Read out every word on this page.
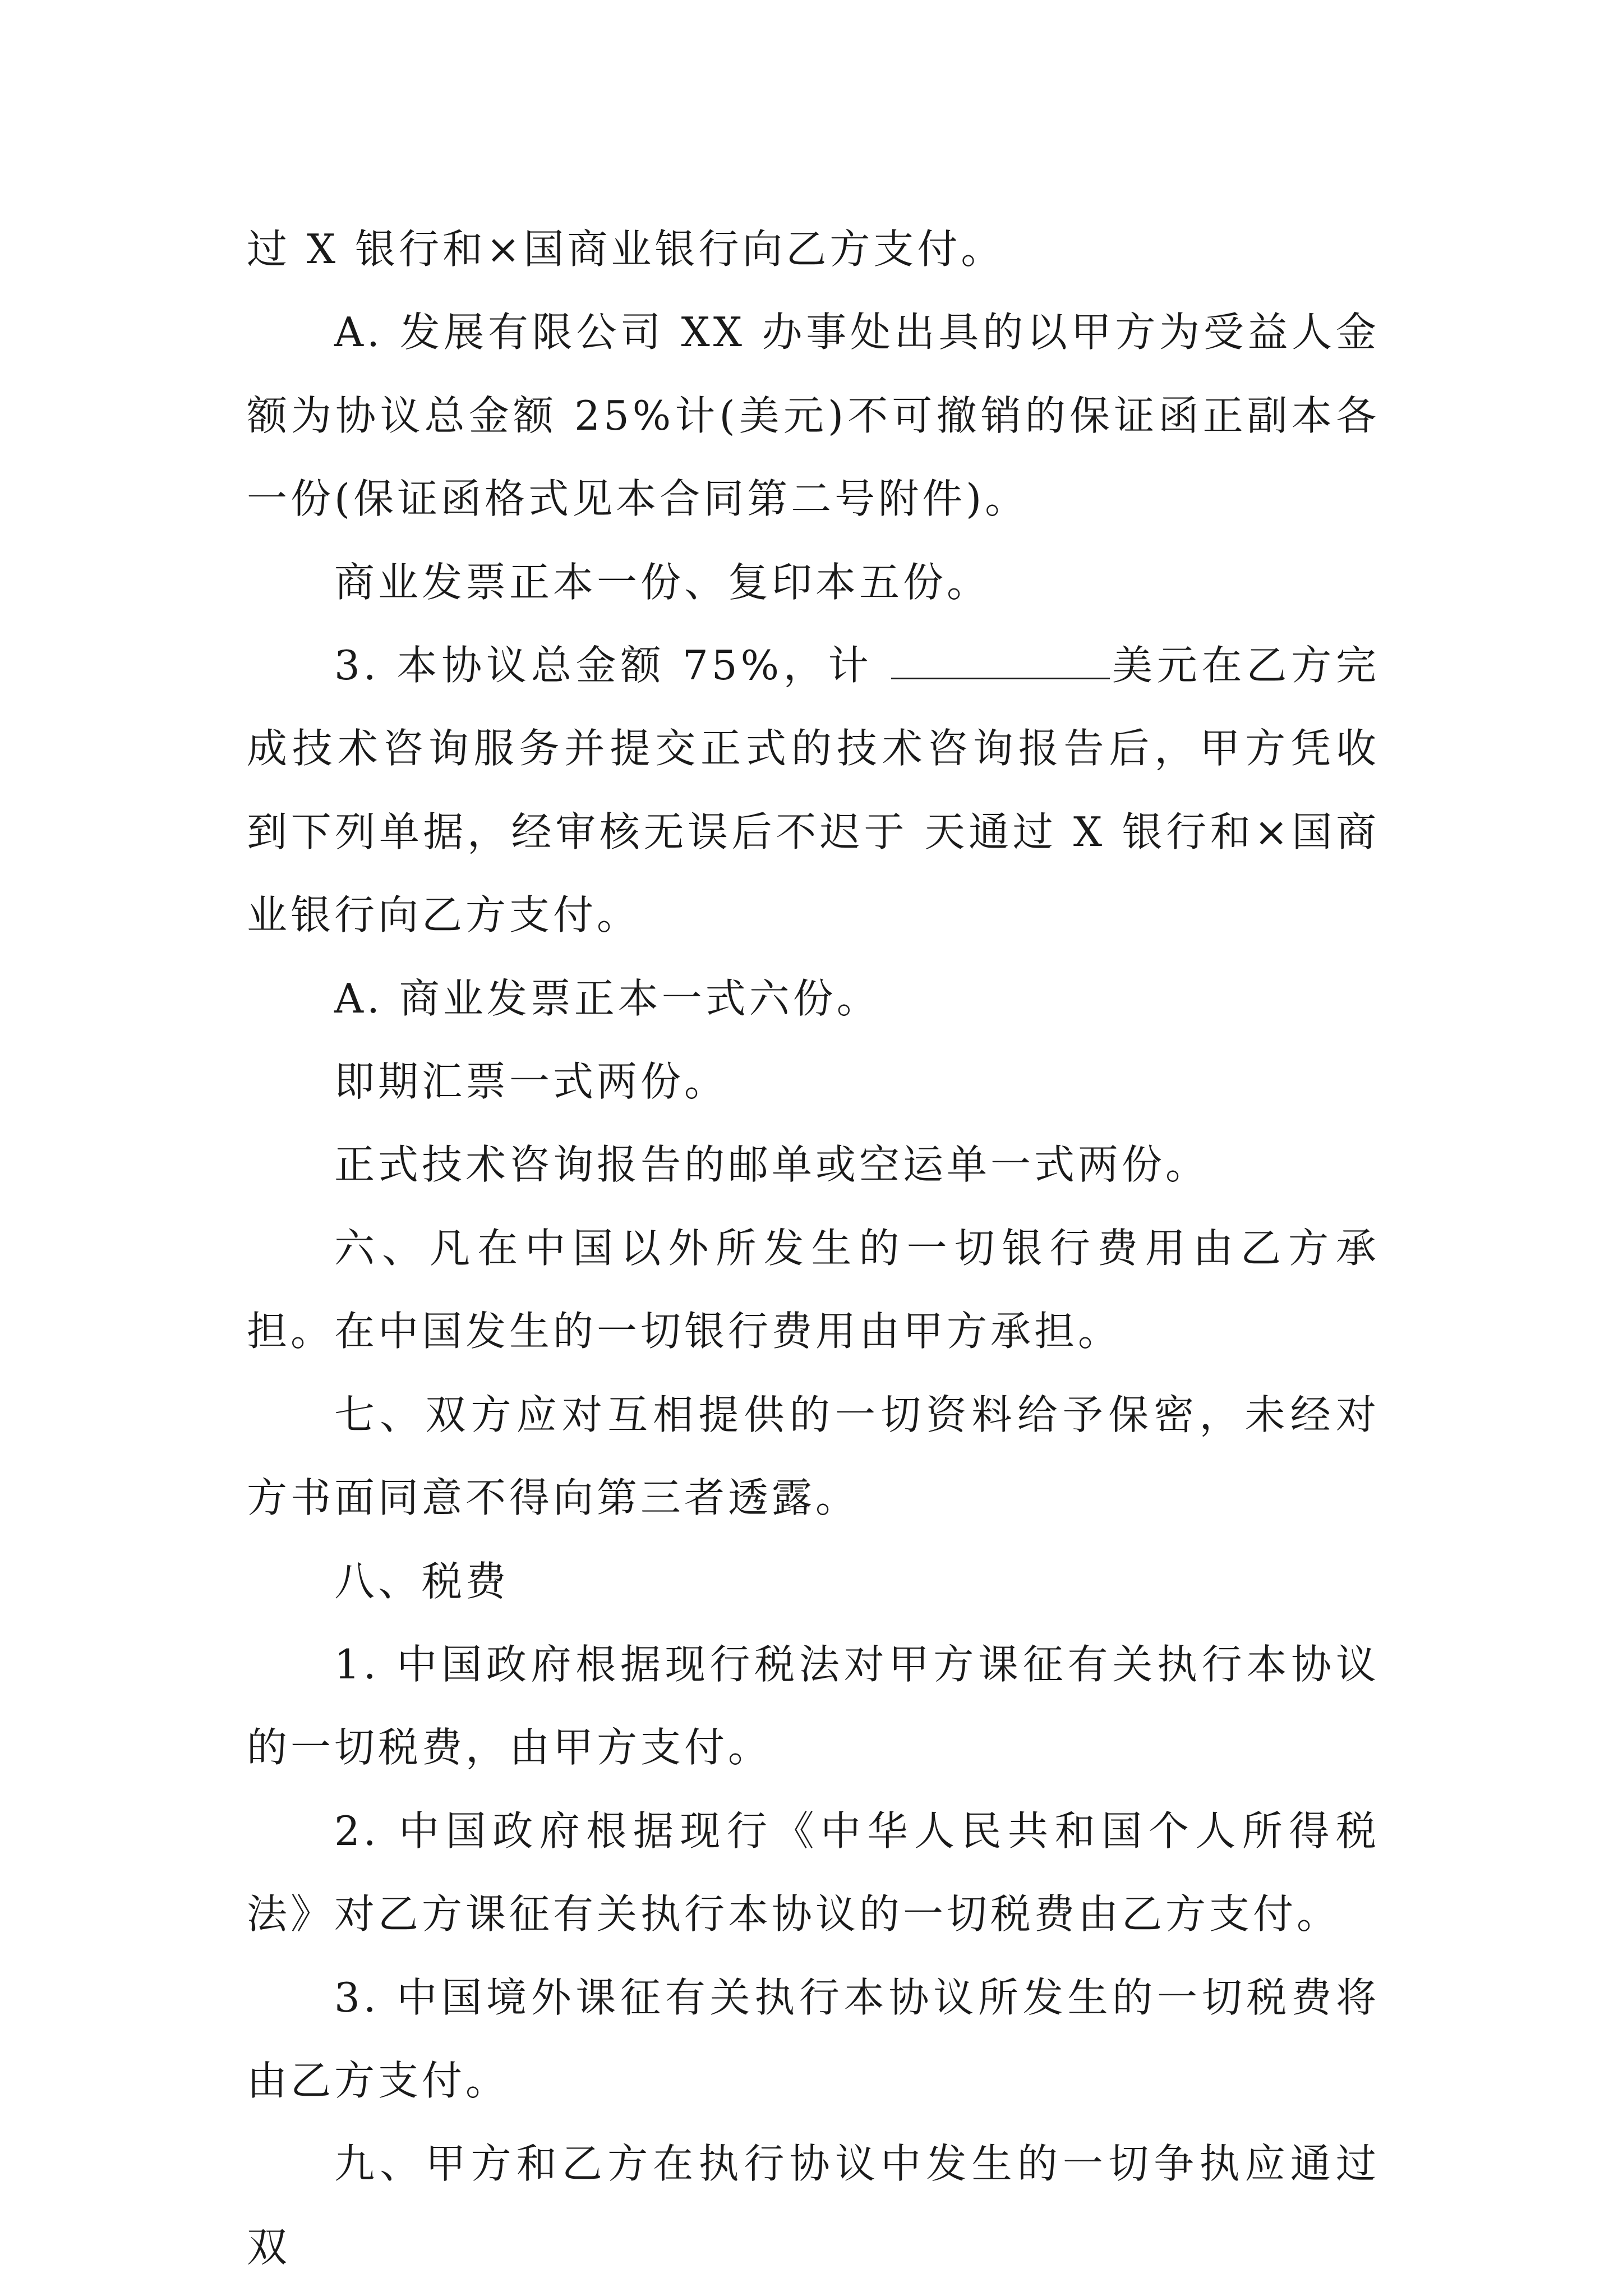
过 X 银行和×国商业银行向乙方支付。

A. 发展有限公司 XX 办事处出具的以甲方为受益人金额为协议总金额 25%计(美元)不可撤销的保证函正副本各一份(保证函格式见本合同第二号附件)。

商业发票正本一份、复印本五份。

3. 本协议总金额 75%，计	美元在乙方完成技术咨询服务并提交正式的技术咨询报告后，甲方凭收到下列单据，经审核无误后不迟于 天通过 X 银行和×国商业银行向乙方支付。

A. 商业发票正本一式六份。

即期汇票一式两份。

正式技术咨询报告的邮单或空运单一式两份。

六、凡在中国以外所发生的一切银行费用由乙方承担。在中国发生的一切银行费用由甲方承担。

七、双方应对互相提供的一切资料给予保密，未经对方书面同意不得向第三者透露。

八、税费

1. 中国政府根据现行税法对甲方课征有关执行本协议的一切税费，由甲方支付。

2. 中国政府根据现行《中华人民共和国个人所得税法》对乙方课征有关执行本协议的一切税费由乙方支付。

3. 中国境外课征有关执行本协议所发生的一切税费将由乙方支付。

九、甲方和乙方在执行协议中发生的一切争执应通过双
